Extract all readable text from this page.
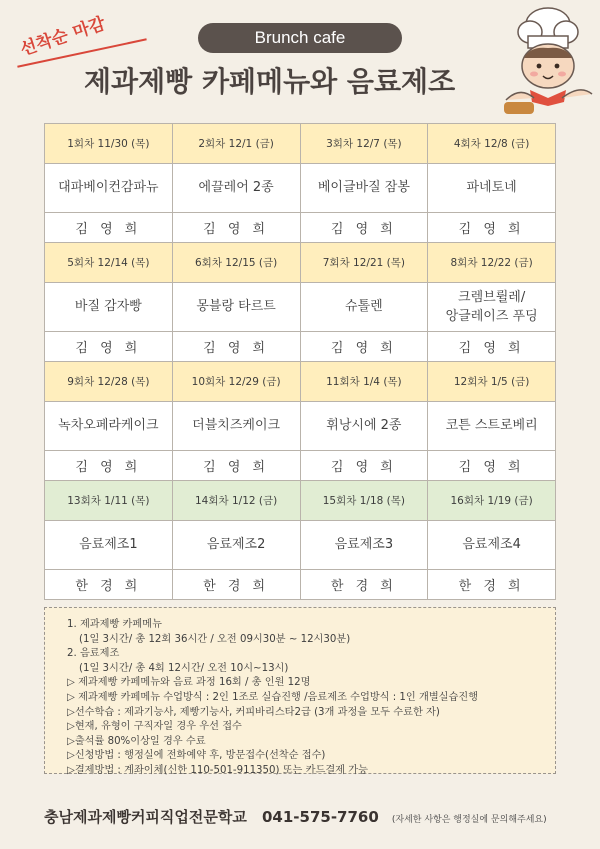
선착순 마감	Brunch cafe
제과제빵 카페메뉴와 음료제조
1회차 11/30 (목)	2회차 12/1 (금)	3회차 12/7 (목)	4회차 12/8 (금)
대파베이컨감파뉴	에끌레어 2종	베이글바질 잠봉	파네토네
김 영 희	김 영 희	김 영 희	김 영 희
5회차 12/14 (목)	6회차 12/15 (금)	7회차 12/21 (목)	8회차 12/22 (금)
바질 감자빵	몽블랑 타르트	슈톨렌	크렘브륄레/
앙글레이즈 푸딩
김 영 희	김 영 희	김 영 희	김 영 희
9회차 12/28 (목)	10회차 12/29 (금)	11회차 1/4 (목)	12회차 1/5 (금)
녹차오페라케이크	더블치즈케이크	휘낭시에 2종	코튼 스트로베리
김 영 희	김 영 희	김 영 희	김 영 희
13회차 1/11 (목)	14회차 1/12 (금)	15회차 1/18 (목)	16회차 1/19 (금)
음료제조1	음료제조2	음료제조3	음료제조4
한 경 희	한 경 희	한 경 희	한 경 희

1. 제과제빵 카페메뉴

(1일 3시간/ 총 12회 36시간 / 오전 09시30분 ~ 12시30분)

2. 음료제조

(1일 3시간/ 총 4회 12시간/ 오전 10시~13시)

▷ 제과제빵 카페메뉴와 음료 과정 16회 / 총 인원 12명

▷ 제과제빵 카페메뉴 수업방식 : 2인 1조로 실습진행 /음료제조 수업방식 : 1인 개별실습진행

▷선수학습 : 제과기능사, 제빵기능사, 커피바리스타2급 (3개 과정을 모두 수료한 자)

▷현재, 유형이 구직자일 경우 우선 접수

▷출석률 80%이상일 경우 수료

▷신청방법 : 행정실에 전화예약 후, 방문접수(선착순 접수)

▷결제방법 : 계좌이체(신한 110-501-911350) 또는 카드결제 가능

충남제과제빵커피직업전문학교 041-575-7760 (자세한 사항은 행정실에 문의해주세요)
